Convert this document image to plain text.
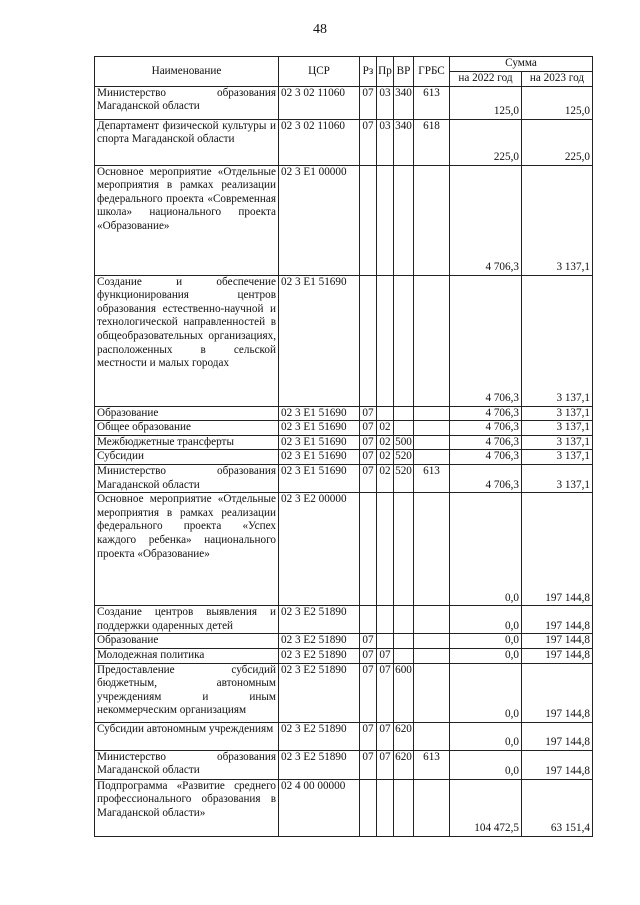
48
Наименование	ЦСР	Рз	Пр	ВР	ГРБС	Сумма	
						на 2022 год	на 2023 год
Министерство образования Магаданской области	02 3 02 11060	07	03	340	613	125,0	125,0
Департамент физической культуры и спорта Магаданской области	02 3 02 11060	07	03	340	618	225,0	225,0
Основное мероприятие «Отдельные мероприятия в рамках реализации федерального проекта «Современная школа» национального проекта «Образование»	02 3 Е1 00000					4 706,3	3 137,1
Создание и обеспечение функционирования центров образования естественно-научной и технологической направленностей в общеобразовательных организациях, расположенных в сельской местности и малых городах	02 3 Е1 51690					4 706,3	3 137,1
Образование	02 3 Е1 51690	07				4 706,3	3 137,1
Общее образование	02 3 Е1 51690	07	02			4 706,3	3 137,1
Межбюджетные трансферты	02 3 Е1 51690	07	02	500		4 706,3	3 137,1
Субсидии	02 3 Е1 51690	07	02	520		4 706,3	3 137,1
Министерство образования Магаданской области	02 3 Е1 51690	07	02	520	613	4 706,3	3 137,1
Основное мероприятие «Отдельные мероприятия в рамках реализации федерального проекта «Успех каждого ребенка» национального проекта «Образование»	02 3 Е2 00000					0,0	197 144,8
Создание центров выявления и поддержки одаренных детей	02 3 Е2 51890					0,0	197 144,8
Образование	02 3 Е2 51890	07				0,0	197 144,8
Молодежная политика	02 3 Е2 51890	07	07			0,0	197 144,8
Предоставление субсидий бюджетным, автономным учреждениям и иным некоммерческим организациям	02 3 Е2 51890	07	07	600		0,0	197 144,8
Субсидии автономным учреждениям	02 3 Е2 51890	07	07	620		0,0	197 144,8
Министерство образования Магаданской области	02 3 Е2 51890	07	07	620	613	0,0	197 144,8
Подпрограмма «Развитие среднего профессионального образования в Магаданской области»	02 4 00 00000					104 472,5	63 151,4
